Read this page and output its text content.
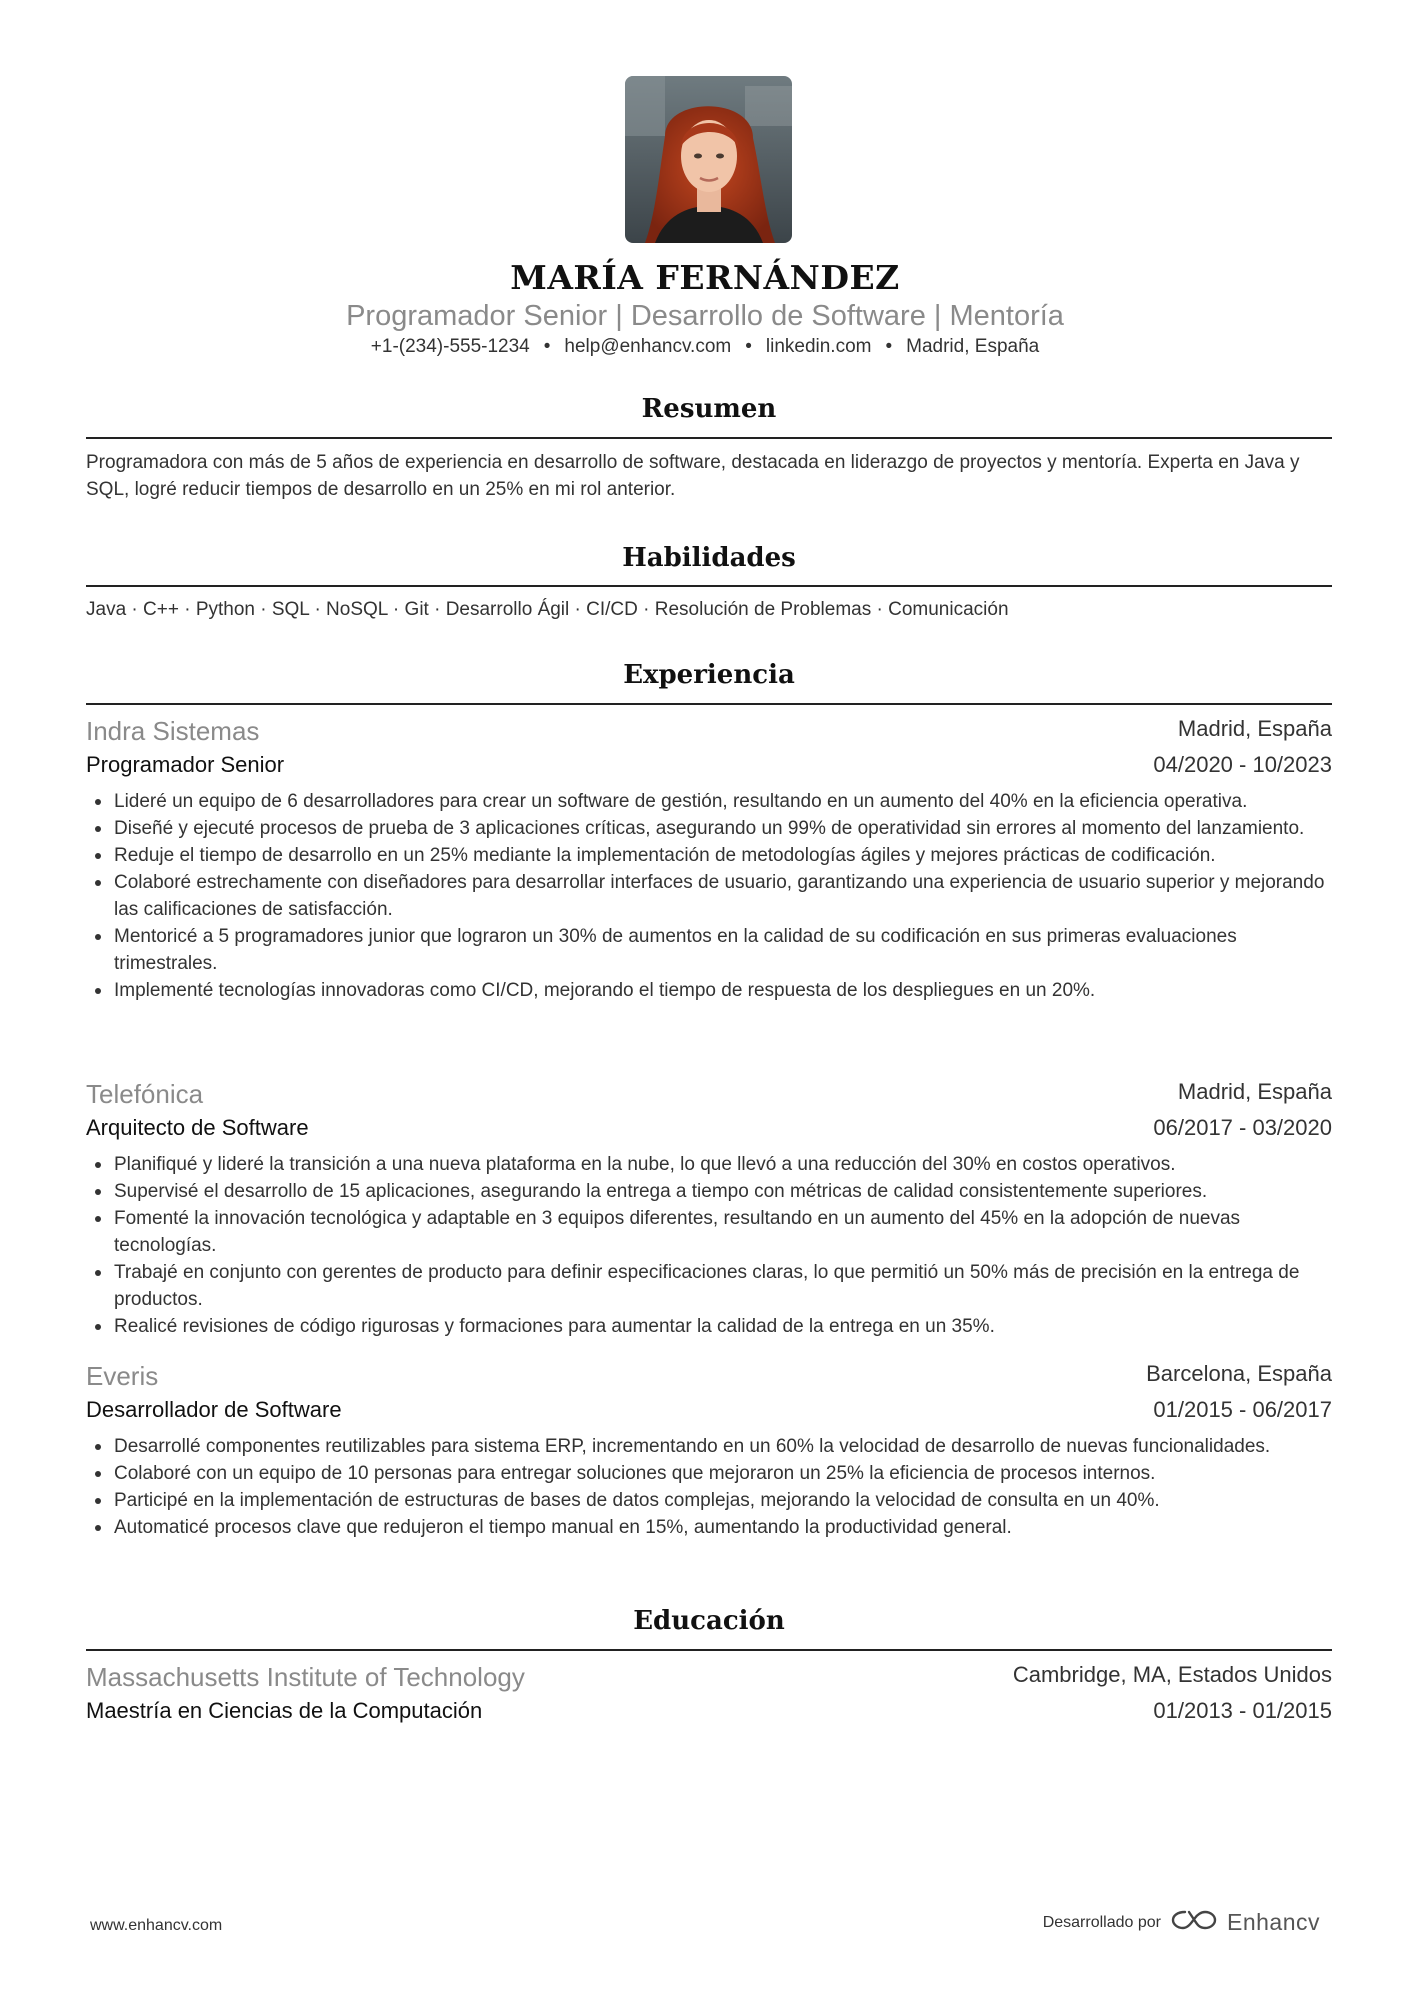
MARÍA FERNÁNDEZ
Programador Senior | Desarrollo de Software | Mentoría
+1-(234)-555-1234 • help@enhancv.com • linkedin.com • Madrid, España
Resumen
Programadora con más de 5 años de experiencia en desarrollo de software, destacada en liderazgo de proyectos y mentoría. Experta en Java y SQL, logré reducir tiempos de desarrollo en un 25% en mi rol anterior.
Habilidades
Java · C++ · Python · SQL · NoSQL · Git · Desarrollo Ágil · CI/CD · Resolución de Problemas · Comunicación
Experiencia
Indra Sistemas	Madrid, España
Programador Senior	04/2020 - 10/2023
Lideré un equipo de 6 desarrolladores para crear un software de gestión, resultando en un aumento del 40% en la eficiencia operativa.
Diseñé y ejecuté procesos de prueba de 3 aplicaciones críticas, asegurando un 99% de operatividad sin errores al momento del lanzamiento.
Reduje el tiempo de desarrollo en un 25% mediante la implementación de metodologías ágiles y mejores prácticas de codificación.
Colaboré estrechamente con diseñadores para desarrollar interfaces de usuario, garantizando una experiencia de usuario superior y mejorando las calificaciones de satisfacción.
Mentoricé a 5 programadores junior que lograron un 30% de aumentos en la calidad de su codificación en sus primeras evaluaciones trimestrales.
Implementé tecnologías innovadoras como CI/CD, mejorando el tiempo de respuesta de los despliegues en un 20%.
Telefónica	Madrid, España
Arquitecto de Software	06/2017 - 03/2020
Planifiqué y lideré la transición a una nueva plataforma en la nube, lo que llevó a una reducción del 30% en costos operativos.
Supervisé el desarrollo de 15 aplicaciones, asegurando la entrega a tiempo con métricas de calidad consistentemente superiores.
Fomenté la innovación tecnológica y adaptable en 3 equipos diferentes, resultando en un aumento del 45% en la adopción de nuevas tecnologías.
Trabajé en conjunto con gerentes de producto para definir especificaciones claras, lo que permitió un 50% más de precisión en la entrega de productos.
Realicé revisiones de código rigurosas y formaciones para aumentar la calidad de la entrega en un 35%.
Everis	Barcelona, España
Desarrollador de Software	01/2015 - 06/2017
Desarrollé componentes reutilizables para sistema ERP, incrementando en un 60% la velocidad de desarrollo de nuevas funcionalidades.
Colaboré con un equipo de 10 personas para entregar soluciones que mejoraron un 25% la eficiencia de procesos internos.
Participé en la implementación de estructuras de bases de datos complejas, mejorando la velocidad de consulta en un 40%.
Automaticé procesos clave que redujeron el tiempo manual en 15%, aumentando la productividad general.
Educación
Massachusetts Institute of Technology	Cambridge, MA, Estados Unidos
Maestría en Ciencias de la Computación	01/2013 - 01/2015
www.enhancv.com	Desarrollado por	Enhancv
